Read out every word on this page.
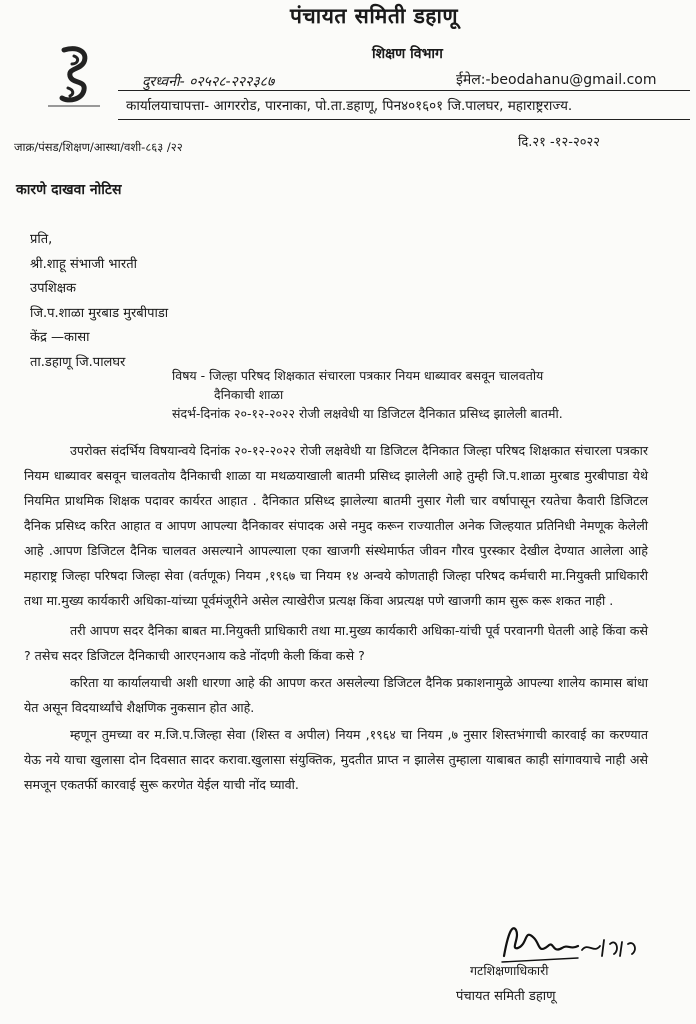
पंचायत समिती डहाणू
शिक्षण विभाग
दुरध्वनी- ०२५२८-२२२३८७	ईमेल:-beodahanu@gmail.com
कार्यालयाचापत्ता- आगररोड, पारनाका, पो.ता.डहाणू, पिन४०१६०१ जि.पालघर, महाराष्ट्रराज्य.
जाक्र/पंसड/शिक्षण/आस्था/वशी-८६३ /२२	दि.२१ -१२-२०२२
कारणे दाखवा नोटिस
प्रति,
श्री.शाहू संभाजी भारती
उपशिक्षक
जि.प.शाळा मुरबाड मुरबीपाडा
केंद्र —कासा
ता.डहाणू जि.पालघर
विषय - जिल्हा परिषद शिक्षकात संचारला पत्रकार नियम धाब्यावर बसवून चालवतोय
दैनिकाची शाळा
संदर्भ-दिनांक २०-१२-२०२२ रोजी लक्षवेधी या डिजिटल दैनिकात प्रसिध्द झालेली बातमी.

उपरोक्त संदर्भिय विषयान्वये दिनांक २०-१२-२०२२ रोजी लक्षवेधी या डिजिटल दैनिकात जिल्हा परिषद शिक्षकात संचारला पत्रकार नियम धाब्यावर बसवून चालवतोय दैनिकाची शाळा या मथळयाखाली बातमी प्रसिध्द झालेली आहे तुम्ही जि.प.शाळा मुरबाड मुरबीपाडा येथे नियमित प्राथमिक शिक्षक पदावर कार्यरत आहात . दैनिकात प्रसिध्द झालेल्या बातमी नुसार गेली चार वर्षापासून रयतेचा कैवारी डिजिटल दैनिक प्रसिध्द करित आहात व आपण आपल्या दैनिकावर संपादक असे नमुद करून राज्यातील अनेक जिल्हयात प्रतिनिधी नेमणूक केलेली आहे .आपण डिजिटल दैनिक चालवत असल्याने आपल्याला एका खाजगी संस्थेमार्फत जीवन गौरव पुरस्कार देखील देण्यात आलेला आहे महाराष्ट्र जिल्हा परिषदा जिल्हा सेवा (वर्तणूक) नियम ,१९६७ चा नियम १४ अन्वये कोणताही जिल्हा परिषद कर्मचारी मा.नियुक्ती प्राधिकारी तथा मा.मुख्य कार्यकारी अधिका-यांच्या पूर्वमंजूरीने असेल त्याखेरीज प्रत्यक्ष किंवा अप्रत्यक्ष पणे खाजगी काम सुरू करू शकत नाही .

तरी आपण सदर दैनिका बाबत मा.नियुक्ती प्राधिकारी तथा मा.मुख्य कार्यकारी अधिका-यांची पूर्व परवानगी घेतली आहे किंवा कसे ? तसेच सदर डिजिटल दैनिकाची आरएनआय कडे नोंदणी केली किंवा कसे ?

करिता या कार्यालयाची अशी धारणा आहे की आपण करत असलेल्या डिजिटल दैनिक प्रकाशनामुळे आपल्या शालेय कामास बांधा येत असून विदयार्थ्यांचे शैक्षणिक नुकसान होत आहे.

म्हणून तुमच्या वर म.जि.प.जिल्हा सेवा (शिस्त व अपील) नियम ,१९६४ चा नियम ,७ नुसार शिस्तभंगाची कारवाई का करण्यात येऊ नये याचा खुलासा दोन दिवसात सादर करावा.खुलासा संयुक्तिक, मुदतीत प्राप्त न झालेस तुम्हाला याबाबत काही सांगावयाचे नाही असे समजून एकतर्फी कारवाई सुरू करणेत येईल याची नोंद घ्यावी.

गटशिक्षणाधिकारी
पंचायत समिती डहाणू
